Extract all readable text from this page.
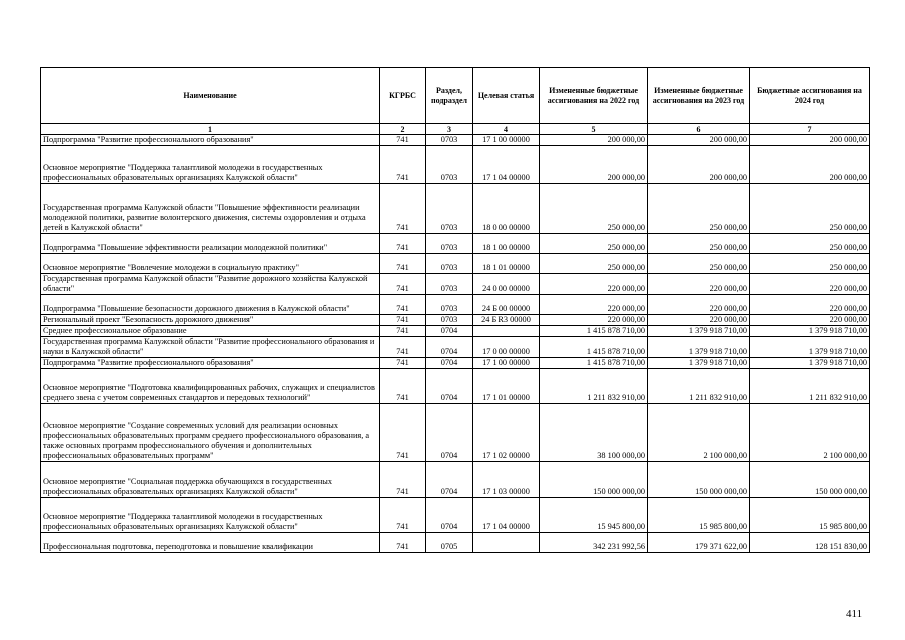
Наименование	КГРБС	Раздел, подраздел	Целевая статья	Измененные бюджетные ассигнования на 2022 год	Измененные бюджетные ассигнования на 2023 год	Бюджетные ассигнования на 2024 год
1	2	3	4	5	6	7
Подпрограмма "Развитие профессионального образования"	741	0703	17 1 00 00000	200 000,00	200 000,00	200 000,00
Основное мероприятие "Поддержка талантливой молодежи в государственных профессиональных образовательных организациях Калужской области"	741	0703	17 1 04 00000	200 000,00	200 000,00	200 000,00
Государственная программа Калужской области "Повышение эффективности реализации молодежной политики, развитие волонтерского движения, системы оздоровления и отдыха детей в Калужской области"	741	0703	18 0 00 00000	250 000,00	250 000,00	250 000,00
Подпрограмма "Повышение эффективности реализации молодежной политики"	741	0703	18 1 00 00000	250 000,00	250 000,00	250 000,00
Основное мероприятие "Вовлечение молодежи в социальную практику"	741	0703	18 1 01 00000	250 000,00	250 000,00	250 000,00
Государственная программа Калужской области "Развитие дорожного хозяйства Калужской области"	741	0703	24 0 00 00000	220 000,00	220 000,00	220 000,00
Подпрограмма "Повышение безопасности дорожного движения в Калужской области"	741	0703	24 Б 00 00000	220 000,00	220 000,00	220 000,00
Региональный проект "Безопасность дорожного движения"	741	0703	24 Б R3 00000	220 000,00	220 000,00	220 000,00
Среднее профессиональное образование	741	0704		1 415 878 710,00	1 379 918 710,00	1 379 918 710,00
Государственная программа Калужской области "Развитие профессионального образования и науки в Калужской области"	741	0704	17 0 00 00000	1 415 878 710,00	1 379 918 710,00	1 379 918 710,00
Подпрограмма "Развитие профессионального образования"	741	0704	17 1 00 00000	1 415 878 710,00	1 379 918 710,00	1 379 918 710,00
Основное мероприятие "Подготовка квалифицированных рабочих, служащих и специалистов среднего звена с учетом современных стандартов и передовых технологий"	741	0704	17 1 01 00000	1 211 832 910,00	1 211 832 910,00	1 211 832 910,00
Основное мероприятие "Создание современных условий для реализации основных профессиональных образовательных программ среднего профессионального образования, а также основных программ профессионального обучения и дополнительных профессиональных образовательных программ"	741	0704	17 1 02 00000	38 100 000,00	2 100 000,00	2 100 000,00
Основное мероприятие "Социальная поддержка обучающихся в государственных профессиональных образовательных организациях Калужской области"	741	0704	17 1 03 00000	150 000 000,00	150 000 000,00	150 000 000,00
Основное мероприятие "Поддержка талантливой молодежи в государственных профессиональных образовательных организациях Калужской области"	741	0704	17 1 04 00000	15 945 800,00	15 985 800,00	15 985 800,00
Профессиональная подготовка, переподготовка и повышение квалификации	741	0705		342 231 992,56	179 371 622,00	128 151 830,00
411
